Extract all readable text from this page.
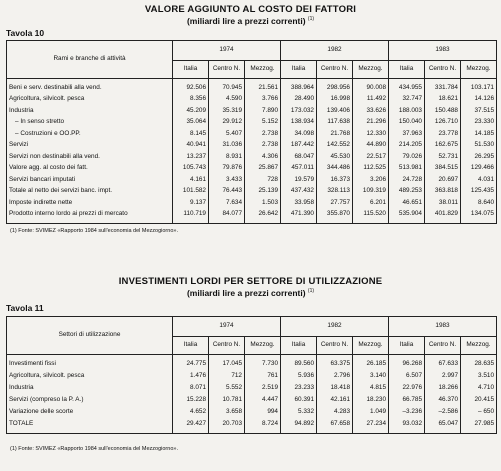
VALORE AGGIUNTO AL COSTO DEI FATTORI
(miliardi lire a prezzi correnti) $^{(1)}$
Tavola 10
Rami e branche di attività	1974			1982			1983		
	Italia	Centro N.	Mezzog.	Italia	Centro N.	Mezzog.	Italia	Centro N.	Mezzog.

Beni e serv. destinabili alla vend.	92.506	70.945	21.561	388.964	298.956	90.008	434.955	331.784	103.171
Agricoltura, silvicolt. pesca	8.356	4.590	3.766	28.490	16.998	11.492	32.747	18.621	14.126
Industria	45.209	35.319	7.890	173.032	139.406	33.626	188.003	150.488	37.515
– In senso stretto	35.064	29.912	5.152	138.934	117.638	21.296	150.040	126.710	23.330
– Costruzioni e OO.PP.	8.145	5.407	2.738	34.098	21.768	12.330	37.963	23.778	14.185
Servizi	40.941	31.036	2.738	187.442	142.552	44.890	214.205	162.675	51.530
Servizi non destinabili alla vend.	13.237	8.931	4.306	68.047	45.530	22.517	79.026	52.731	26.295
Valore agg. al costo dei fatt.	105.743	79.876	25.867	457.011	344.486	112.525	513.981	384.515	129.466
Servizi bancari imputati	4.161	3.433	728	19.579	16.373	3.206	24.728	20.697	4.031
Totale al netto dei servizi banc. impt.	101.582	76.443	25.139	437.432	328.113	109.319	489.253	363.818	125.435
Imposte indirette nette	9.137	7.634	1.503	33.958	27.757	6.201	46.651	38.011	8.640
Prodotto interno lordo ai prezzi di mercato	110.719	84.077	26.642	471.390	355.870	115.520	535.904	401.829	134.075

(1) Fonte: SVIMEZ «Rapporto 1984 sull'economia del Mezzogiorno».
INVESTIMENTI LORDI PER SETTORE DI UTILIZZAZIONE
(miliardi lire a prezzi correnti) $^{(1)}$
Tavola 11
Settori di utilizzazione	1974			1982			1983		
	Italia	Centro N.	Mezzog.	Italia	Centro N.	Mezzog.	Italia	Centro N.	Mezzog.

Investimenti fissi	24.775	17.045	7.730	89.560	63.375	26.185	96.268	67.633	28.635
Agricoltura, silvicolt. pesca	1.476	712	761	5.936	2.796	3.140	6.507	2.997	3.510
Industria	8.071	5.552	2.519	23.233	18.418	4.815	22.976	18.266	4.710
Servizi (compreso la P. A.)	15.228	10.781	4.447	60.391	42.161	18.230	66.785	46.370	20.415
Variazione delle scorte	4.652	3.658	994	5.332	4.283	1.049	–3.236	–2.586	– 650
TOTALE	29.427	20.703	8.724	94.892	67.658	27.234	93.032	65.047	27.985

(1) Fonte: SVIMEZ «Rapporto 1984 sull'economia del Mezzogiorno».
